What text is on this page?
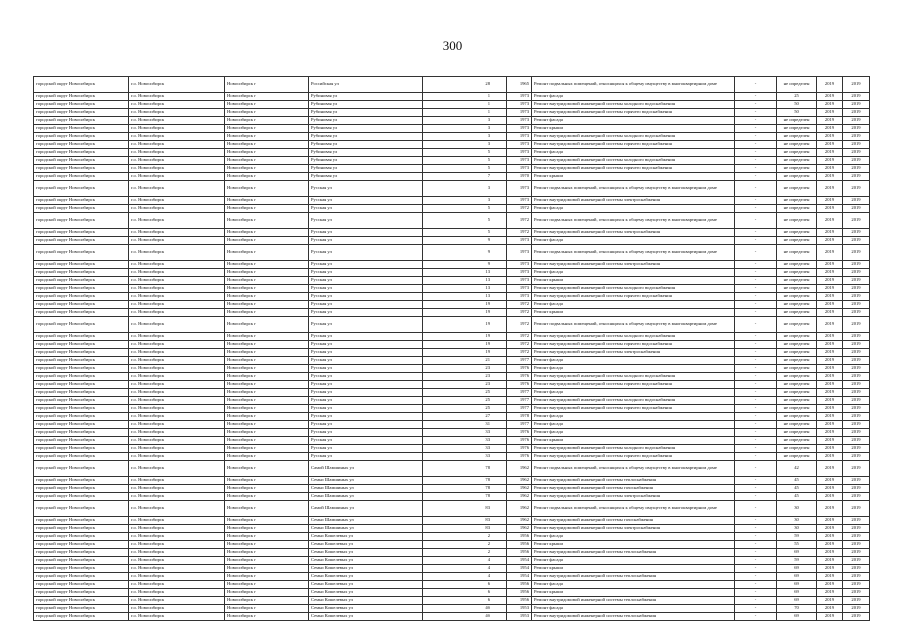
300
городской округ Новосибирск	г.о. Новосибирск	Новосибирск г	Российская ул	28	1965	Ремонт подвальных помещений, относящихся к общему имуществу в многоквартирном доме	-	не определен	2019	2019
городской округ Новосибирск	г.о. Новосибирск	Новосибирск г	Рубиновая ул	1	1973	Ремонт фасада	-	25	2019	2019
городской округ Новосибирск	г.о. Новосибирск	Новосибирск г	Рубиновая ул	1	1973	Ремонт внутридомовой инженерной системы холодного водоснабжения	-	50	2019	2019
городской округ Новосибирск	г.о. Новосибирск	Новосибирск г	Рубиновая ул	1	1973	Ремонт внутридомовой инженерной системы горячего водоснабжения	-	50	2019	2019
городской округ Новосибирск	г.о. Новосибирск	Новосибирск г	Рубиновая ул	3	1973	Ремонт фасада	-	не определен	2019	2019
городской округ Новосибирск	г.о. Новосибирск	Новосибирск г	Рубиновая ул	3	1973	Ремонт крыши	-	не определен	2019	2019
городской округ Новосибирск	г.о. Новосибирск	Новосибирск г	Рубиновая ул	3	1973	Ремонт внутридомовой инженерной системы холодного водоснабжения	-	не определен	2019	2019
городской округ Новосибирск	г.о. Новосибирск	Новосибирск г	Рубиновая ул	3	1973	Ремонт внутридомовой инженерной системы горячего водоснабжения	-	не определен	2019	2019
городской округ Новосибирск	г.о. Новосибирск	Новосибирск г	Рубиновая ул	5	1973	Ремонт фасада	-	не определен	2019	2019
городской округ Новосибирск	г.о. Новосибирск	Новосибирск г	Рубиновая ул	5	1973	Ремонт внутридомовой инженерной системы холодного водоснабжения	-	не определен	2019	2019
городской округ Новосибирск	г.о. Новосибирск	Новосибирск г	Рубиновая ул	5	1973	Ремонт внутридомовой инженерной системы горячего водоснабжения	-	не определен	2019	2019
городской округ Новосибирск	г.о. Новосибирск	Новосибирск г	Рубиновая ул	7	1970	Ремонт крыши	-	не определен	2019	2019
городской округ Новосибирск	г.о. Новосибирск	Новосибирск г	Русская ул	3	1973	Ремонт подвальных помещений, относящихся к общему имуществу в многоквартирном доме	-	не определен	2019	2019
городской округ Новосибирск	г.о. Новосибирск	Новосибирск г	Русская ул	3	1973	Ремонт внутридомовой инженерной системы электроснабжения	-	не определен	2019	2019
городской округ Новосибирск	г.о. Новосибирск	Новосибирск г	Русская ул	5	1972	Ремонт фасада	-	не определен	2019	2019
городской округ Новосибирск	г.о. Новосибирск	Новосибирск г	Русская ул	5	1972	Ремонт подвальных помещений, относящихся к общему имуществу в многоквартирном доме	-	не определен	2019	2019
городской округ Новосибирск	г.о. Новосибирск	Новосибирск г	Русская ул	5	1972	Ремонт внутридомовой инженерной системы электроснабжения	-	не определен	2019	2019
городской округ Новосибирск	г.о. Новосибирск	Новосибирск г	Русская ул	9	1973	Ремонт фасада	-	не определен	2019	2019
городской округ Новосибирск	г.о. Новосибирск	Новосибирск г	Русская ул	9	1973	Ремонт подвальных помещений, относящихся к общему имуществу в многоквартирном доме	-	не определен	2019	2019
городской округ Новосибирск	г.о. Новосибирск	Новосибирск г	Русская ул	9	1973	Ремонт внутридомовой инженерной системы электроснабжения	-	не определен	2019	2019
городской округ Новосибирск	г.о. Новосибирск	Новосибирск г	Русская ул	13	1973	Ремонт фасада	-	не определен	2019	2019
городской округ Новосибирск	г.о. Новосибирск	Новосибирск г	Русская ул	13	1973	Ремонт крыши	-	не определен	2019	2019
городской округ Новосибирск	г.о. Новосибирск	Новосибирск г	Русская ул	13	1973	Ремонт внутридомовой инженерной системы холодного водоснабжения	-	не определен	2019	2019
городской округ Новосибирск	г.о. Новосибирск	Новосибирск г	Русская ул	13	1973	Ремонт внутридомовой инженерной системы горячего водоснабжения	-	не определен	2019	2019
городской округ Новосибирск	г.о. Новосибирск	Новосибирск г	Русская ул	19	1972	Ремонт фасада	-	не определен	2019	2019
городской округ Новосибирск	г.о. Новосибирск	Новосибирск г	Русская ул	19	1972	Ремонт крыши	-	не определен	2019	2019
городской округ Новосибирск	г.о. Новосибирск	Новосибирск г	Русская ул	19	1972	Ремонт подвальных помещений, относящихся к общему имуществу в многоквартирном доме	-	не определен	2019	2019
городской округ Новосибирск	г.о. Новосибирск	Новосибирск г	Русская ул	19	1972	Ремонт внутридомовой инженерной системы холодного водоснабжения	-	не определен	2019	2019
городской округ Новосибирск	г.о. Новосибирск	Новосибирск г	Русская ул	19	1972	Ремонт внутридомовой инженерной системы горячего водоснабжения	-	не определен	2019	2019
городской округ Новосибирск	г.о. Новосибирск	Новосибирск г	Русская ул	19	1972	Ремонт внутридомовой инженерной системы электроснабжения	-	не определен	2019	2019
городской округ Новосибирск	г.о. Новосибирск	Новосибирск г	Русская ул	21	1977	Ремонт фасада	-	не определен	2019	2019
городской округ Новосибирск	г.о. Новосибирск	Новосибирск г	Русская ул	23	1976	Ремонт фасада	-	не определен	2019	2019
городской округ Новосибирск	г.о. Новосибирск	Новосибирск г	Русская ул	23	1976	Ремонт внутридомовой инженерной системы холодного водоснабжения	-	не определен	2019	2019
городской округ Новосибирск	г.о. Новосибирск	Новосибирск г	Русская ул	23	1976	Ремонт внутридомовой инженерной системы горячего водоснабжения	-	не определен	2019	2019
городской округ Новосибирск	г.о. Новосибирск	Новосибирск г	Русская ул	25	1977	Ремонт фасада	-	не определен	2019	2019
городской округ Новосибирск	г.о. Новосибирск	Новосибирск г	Русская ул	25	1977	Ремонт внутридомовой инженерной системы холодного водоснабжения	-	не определен	2019	2019
городской округ Новосибирск	г.о. Новосибирск	Новосибирск г	Русская ул	25	1977	Ремонт внутридомовой инженерной системы горячего водоснабжения	-	не определен	2019	2019
городской округ Новосибирск	г.о. Новосибирск	Новосибирск г	Русская ул	27	1978	Ремонт фасада	-	не определен	2019	2019
городской округ Новосибирск	г.о. Новосибирск	Новосибирск г	Русская ул	31	1977	Ремонт фасада	-	не определен	2019	2019
городской округ Новосибирск	г.о. Новосибирск	Новосибирск г	Русская ул	33	1976	Ремонт фасада	-	не определен	2019	2019
городской округ Новосибирск	г.о. Новосибирск	Новосибирск г	Русская ул	33	1976	Ремонт крыши	-	не определен	2019	2019
городской округ Новосибирск	г.о. Новосибирск	Новосибирск г	Русская ул	33	1976	Ремонт внутридомовой инженерной системы холодного водоснабжения	-	не определен	2019	2019
городской округ Новосибирск	г.о. Новосибирск	Новосибирск г	Русская ул	33	1976	Ремонт внутридомовой инженерной системы горячего водоснабжения	-	не определен	2019	2019
городской округ Новосибирск	г.о. Новосибирск	Новосибирск г	Самой Шамшиных ул	78	1962	Ремонт подвальных помещений, относящихся к общему имуществу в многоквартирном доме	-	42	2019	2019
городской округ Новосибирск	г.о. Новосибирск	Новосибирск г	Семьи Шамшиных ул	78	1962	Ремонт внутридомовой инженерной системы теплоснабжения	-	45	2019	2019
городской округ Новосибирск	г.о. Новосибирск	Новосибирск г	Семьи Шамшиных ул	78	1962	Ремонт внутридомовой инженерной системы газоснабжения	-	45	2019	2019
городской округ Новосибирск	г.о. Новосибирск	Новосибирск г	Семьи Шамшиных ул	78	1962	Ремонт внутридомовой инженерной системы электроснабжения	-	45	2019	2019
городской округ Новосибирск	г.о. Новосибирск	Новосибирск г	Самой Шамшиных ул	83	1962	Ремонт подвальных помещений, относящихся к общему имуществу в многоквартирном доме	-	30	2019	2019
городской округ Новосибирск	г.о. Новосибирск	Новосибирск г	Семьи Шамшиных ул	83	1962	Ремонт внутридомовой инженерной системы газоснабжения	-	30	2019	2019
городской округ Новосибирск	г.о. Новосибирск	Новосибирск г	Семьи Шамшиных ул	83	1962	Ремонт внутридомовой инженерной системы электроснабжения	-	30	2019	2019
городской округ Новосибирск	г.о. Новосибирск	Новосибирск г	Семьи Кошелевых ул	2	1956	Ремонт фасада	-	59	2019	2019
городской округ Новосибирск	г.о. Новосибирск	Новосибирск г	Семьи Кошелевых ул	2	1956	Ремонт крыши	-	55	2019	2019
городской округ Новосибирск	г.о. Новосибирск	Новосибирск г	Семьи Кошелевых ул	2	1956	Ремонт внутридомовой инженерной системы теплоснабжения	-	69	2019	2019
городской округ Новосибирск	г.о. Новосибирск	Новосибирск г	Семьи Кошелевых ул	4	1954	Ремонт фасада	-	59	2019	2019
городской округ Новосибирск	г.о. Новосибирск	Новосибирск г	Семьи Кошелевых ул	4	1954	Ремонт крыши	-	69	2019	2019
городской округ Новосибирск	г.о. Новосибирск	Новосибирск г	Семьи Кошелевых ул	4	1954	Ремонт внутридомовой инженерной системы теплоснабжения	-	69	2019	2019
городской округ Новосибирск	г.о. Новосибирск	Новосибирск г	Семьи Кошелевых ул	6	1956	Ремонт фасада	-	69	2019	2019
городской округ Новосибирск	г.о. Новосибирск	Новосибирск г	Семьи Кошелевых ул	6	1956	Ремонт крыши	-	69	2019	2019
городской округ Новосибирск	г.о. Новосибирск	Новосибирск г	Семьи Кошелевых ул	6	1956	Ремонт внутридомовой инженерной системы теплоснабжения	-	69	2019	2019
городской округ Новосибирск	г.о. Новосибирск	Новосибирск г	Семьи Кошелевых ул	4б	1953	Ремонт фасада	-	70	2019	2019
городской округ Новосибирск	г.о. Новосибирск	Новосибирск г	Семьи Кошелевых ул	4б	1953	Ремонт внутридомовой инженерной системы теплоснабжения	-	69	2019	2019
